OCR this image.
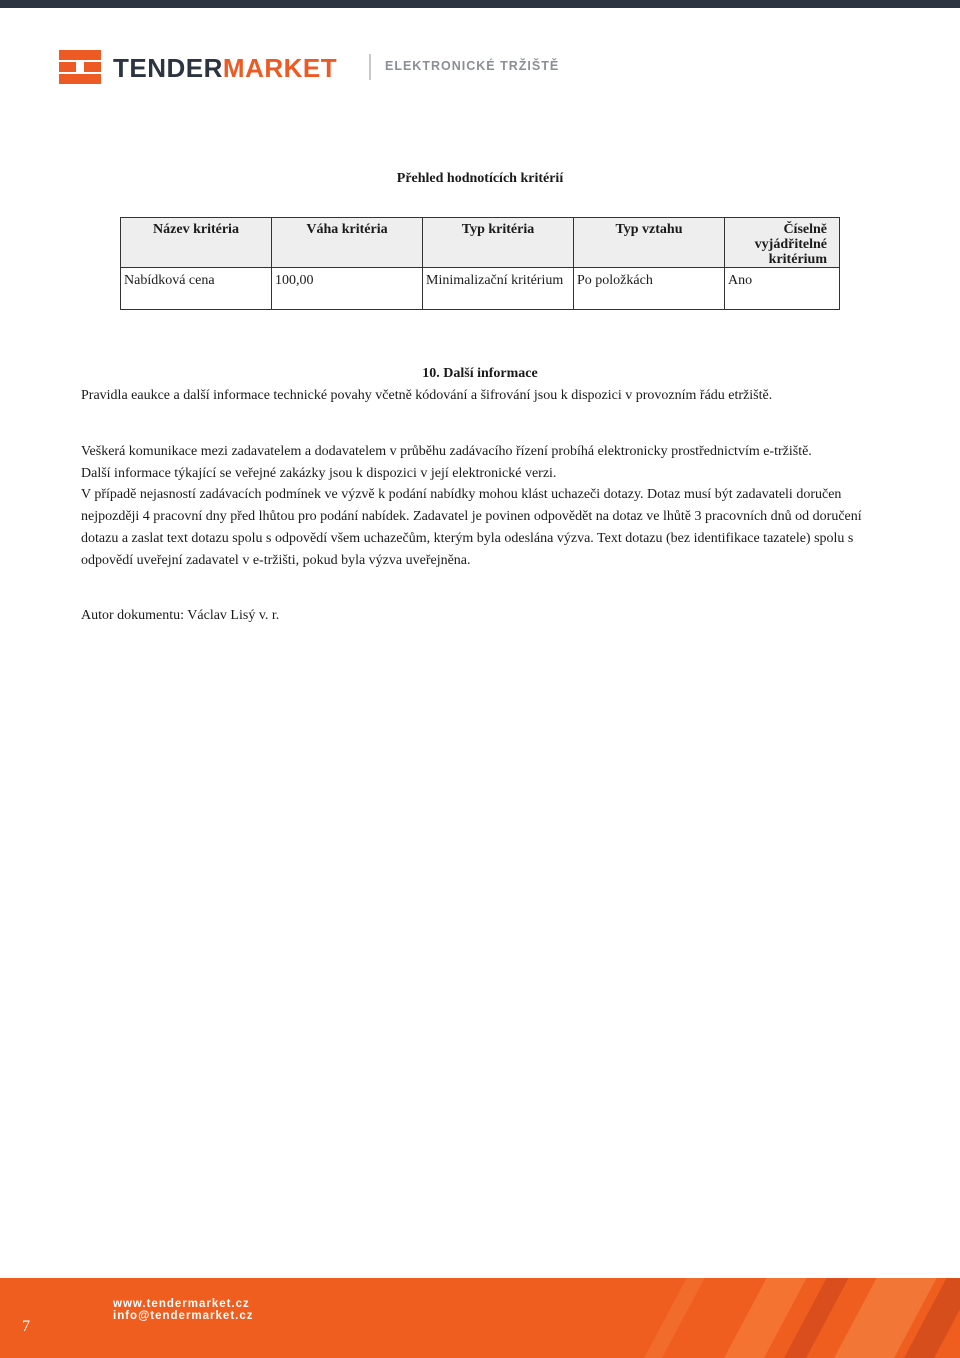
TENDERMARKET	ELEKTRONICKÉ TRŽIŠTĚ
Přehled hodnotících kritérií
Název kritéria	Váha kritéria	Typ kritéria	Typ vztahu	Číselně vyjádřitelné kritérium
Nabídková cena	100,00	Minimalizační kritérium	Po položkách	Ano
10. Další informace
Pravidla eaukce a další informace technické povahy včetně kódování a šifrování jsou k dispozici v provozním řádu etržiště.
Veškerá komunikace mezi zadavatelem a dodavatelem v průběhu zadávacího řízení probíhá elektronicky prostřednictvím e-tržiště.
Další informace týkající se veřejné zakázky jsou k dispozici v její elektronické verzi.
V případě nejasností zadávacích podmínek ve výzvě k podání nabídky mohou klást uchazeči dotazy. Dotaz musí být zadavateli doručen nejpozději 4 pracovní dny před lhůtou pro podání nabídek. Zadavatel je povinen odpovědět na dotaz ve lhůtě 3 pracovních dnů od doručení dotazu a zaslat text dotazu spolu s odpovědí všem uchazečům, kterým byla odeslána výzva. Text dotazu (bez identifikace tazatele) spolu s odpovědí uveřejní zadavatel v e-tržišti, pokud byla výzva uveřejněna.
Autor dokumentu: Václav Lisý v. r.
7
www.tendermarket.cz
info@tendermarket.cz
